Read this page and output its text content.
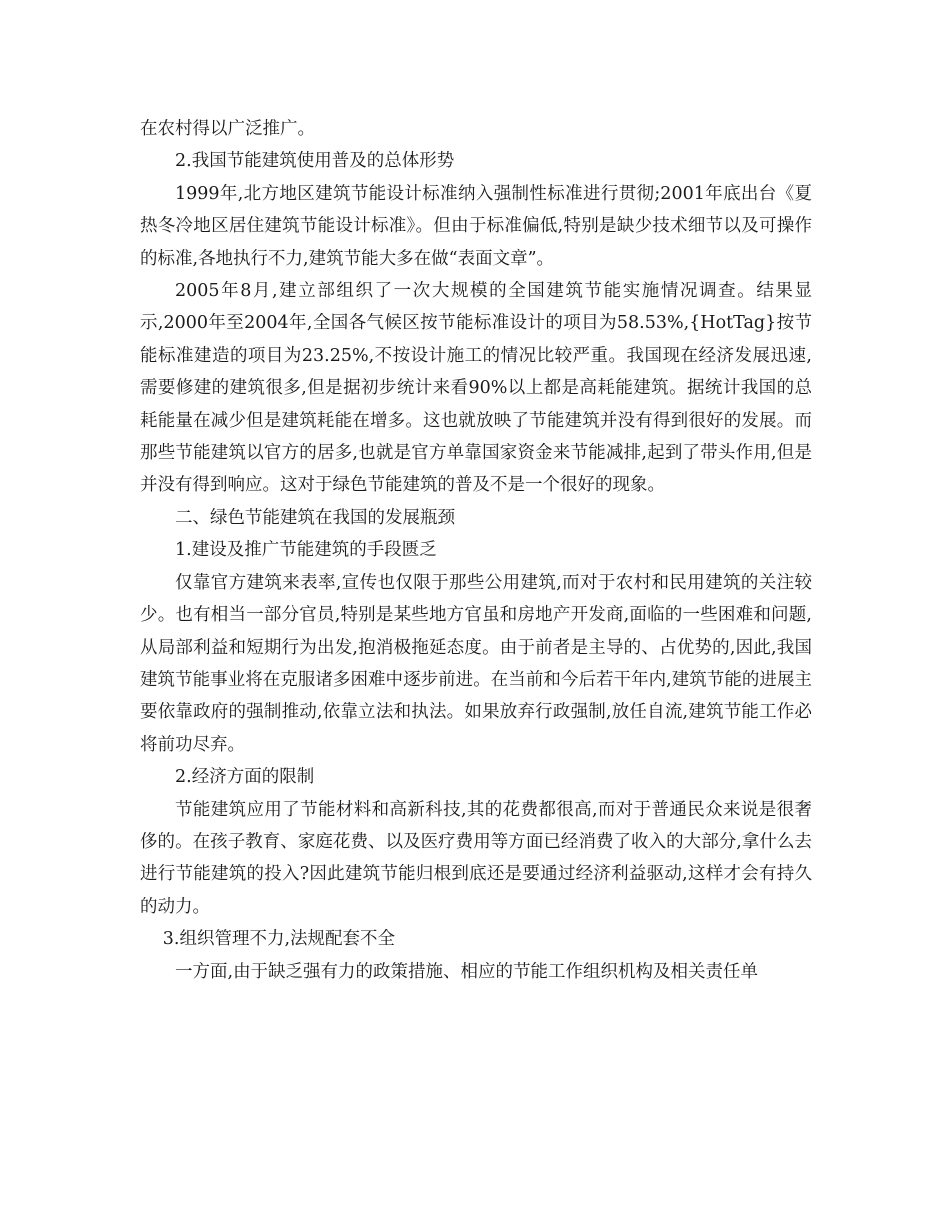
在农村得以广泛推广。

2.我国节能建筑使用普及的总体形势

1999年,北方地区建筑节能设计标准纳入强制性标准进行贯彻;2001年底出台《夏热冬冷地区居住建筑节能设计标准》。但由于标准偏低,特别是缺少技术细节以及可操作的标准,各地执行不力,建筑节能大多在做“表面文章”。

2005年8月,建立部组织了一次大规模的全国建筑节能实施情况调查。结果显示,2000年至2004年,全国各气候区按节能标准设计的项目为58.53%,{HotTag}按节能标准建造的项目为23.25%,不按设计施工的情况比较严重。我国现在经济发展迅速,需要修建的建筑很多,但是据初步统计来看90%以上都是高耗能建筑。据统计我国的总耗能量在减少但是建筑耗能在增多。这也就放映了节能建筑并没有得到很好的发展。而那些节能建筑以官方的居多,也就是官方单靠国家资金来节能减排,起到了带头作用,但是并没有得到响应。这对于绿色节能建筑的普及不是一个很好的现象。

二、绿色节能建筑在我国的发展瓶颈

1.建设及推广节能建筑的手段匮乏

仅靠官方建筑来表率,宣传也仅限于那些公用建筑,而对于农村和民用建筑的关注较少。也有相当一部分官员,特别是某些地方官虽和房地产开发商,面临的一些困难和问题,从局部利益和短期行为出发,抱消极拖延态度。由于前者是主导的、占优势的,因此,我国建筑节能事业将在克服诸多困难中逐步前进。在当前和今后若干年内,建筑节能的进展主要依靠政府的强制推动,依靠立法和执法。如果放弃行政强制,放任自流,建筑节能工作必将前功尽弃。

2.经济方面的限制

节能建筑应用了节能材料和高新科技,其的花费都很高,而对于普通民众来说是很奢侈的。在孩子教育、家庭花费、以及医疗费用等方面已经消费了收入的大部分,拿什么去进行节能建筑的投入?因此建筑节能归根到底还是要通过经济利益驱动,这样才会有持久的动力。

3.组织管理不力,法规配套不全

一方面,由于缺乏强有力的政策措施、相应的节能工作组织机构及相关责任单
